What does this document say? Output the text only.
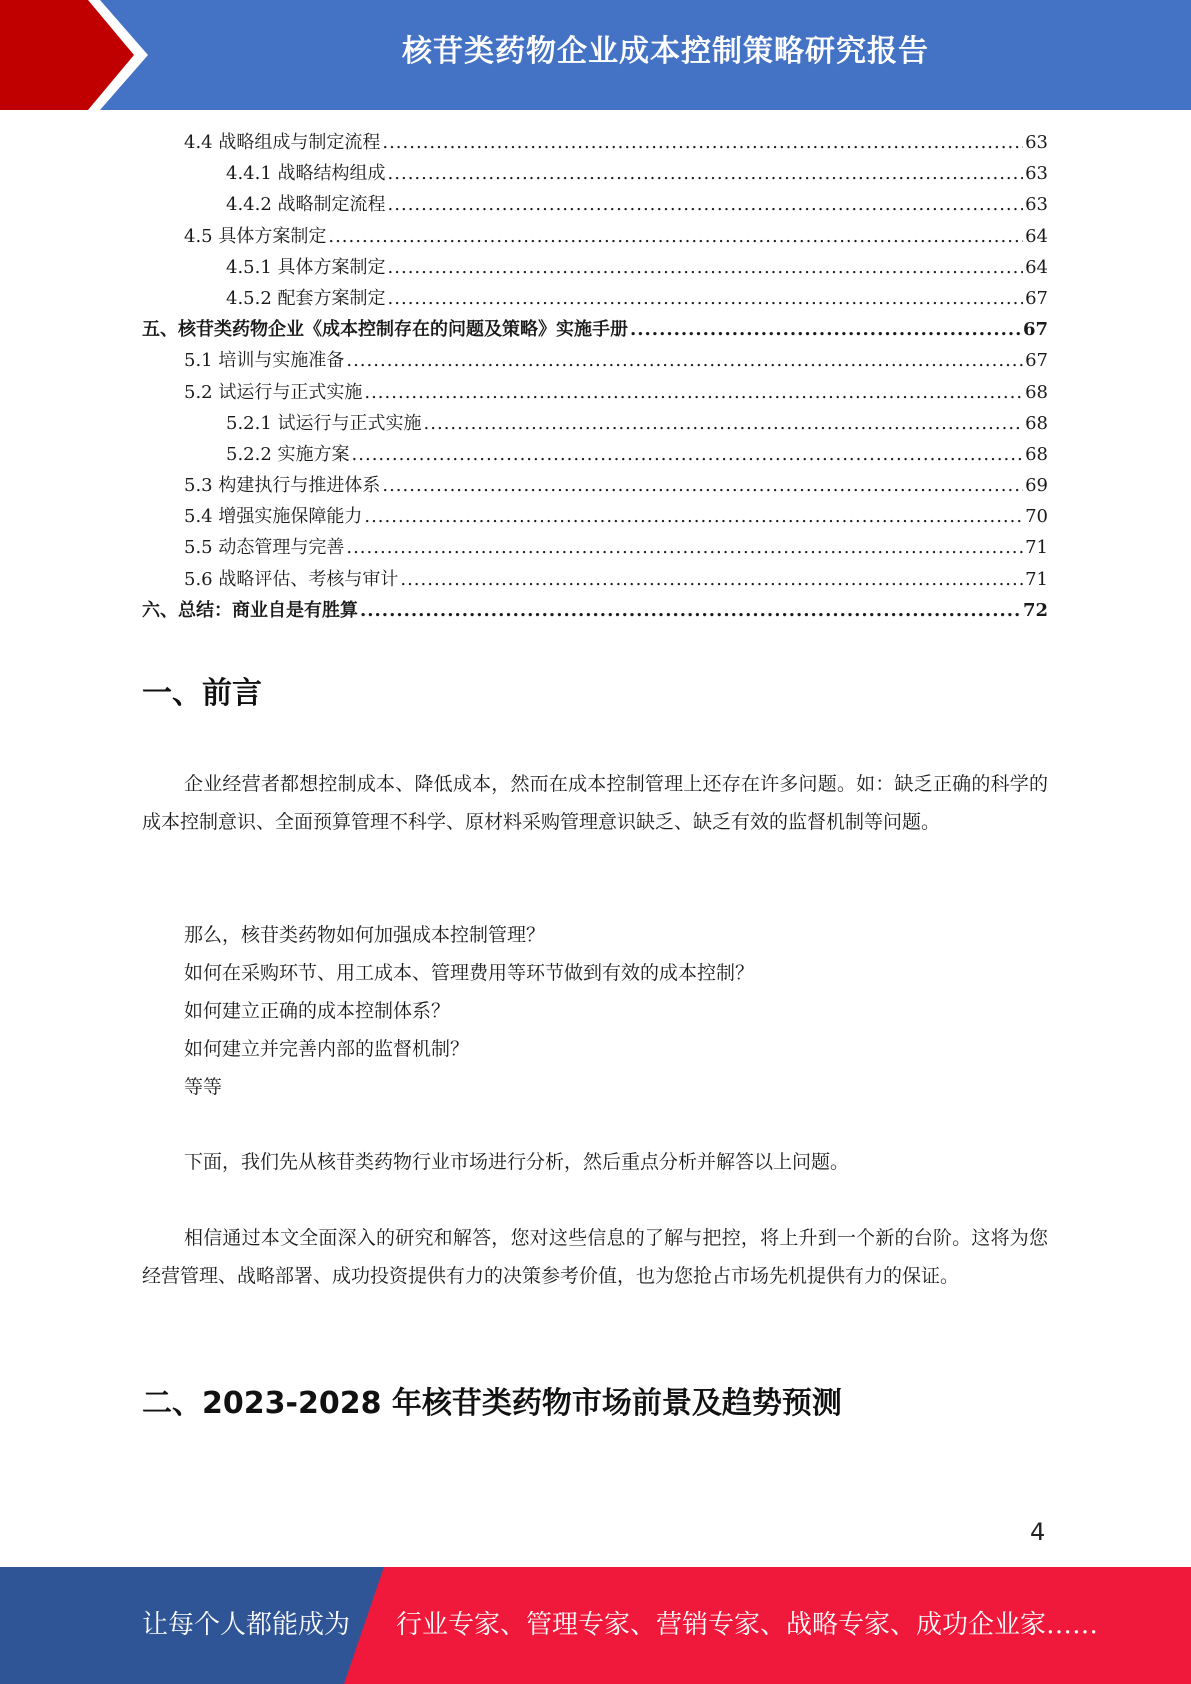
核苷类药物企业成本控制策略研究报告
4.4 战略组成与制定流程 .....	63
4.4.1 战略结构组成 .....	63
4.4.2 战略制定流程 .....	63
4.5 具体方案制定 .....	64
4.5.1 具体方案制定 .....	64
4.5.2 配套方案制定 .....	67
五、核苷类药物企业《成本控制存在的问题及策略》实施手册 .....	67
5.1 培训与实施准备 .....	67
5.2 试运行与正式实施 .....	68
5.2.1 试运行与正式实施 .....	68
5.2.2 实施方案 .....	68
5.3 构建执行与推进体系 .....	69
5.4 增强实施保障能力 .....	70
5.5 动态管理与完善 .....	71
5.6 战略评估、考核与审计 .....	71
六、总结：商业自是有胜算 .....	72
一、前言
企业经营者都想控制成本、降低成本，然而在成本控制管理上还存在许多问题。如：缺乏正确的科学的成本控制意识、全面预算管理不科学、原材料采购管理意识缺乏、缺乏有效的监督机制等问题。
那么，核苷类药物如何加强成本控制管理？
如何在采购环节、用工成本、管理费用等环节做到有效的成本控制？
如何建立正确的成本控制体系？
如何建立并完善内部的监督机制？
等等
下面，我们先从核苷类药物行业市场进行分析，然后重点分析并解答以上问题。
相信通过本文全面深入的研究和解答，您对这些信息的了解与把控，将上升到一个新的台阶。这将为您经营管理、战略部署、成功投资提供有力的决策参考价值，也为您抢占市场先机提供有力的保证。
二、2023-2028 年核苷类药物市场前景及趋势预测
4
让每个人都能成为 行业专家、管理专家、营销专家、战略专家、成功企业家……
